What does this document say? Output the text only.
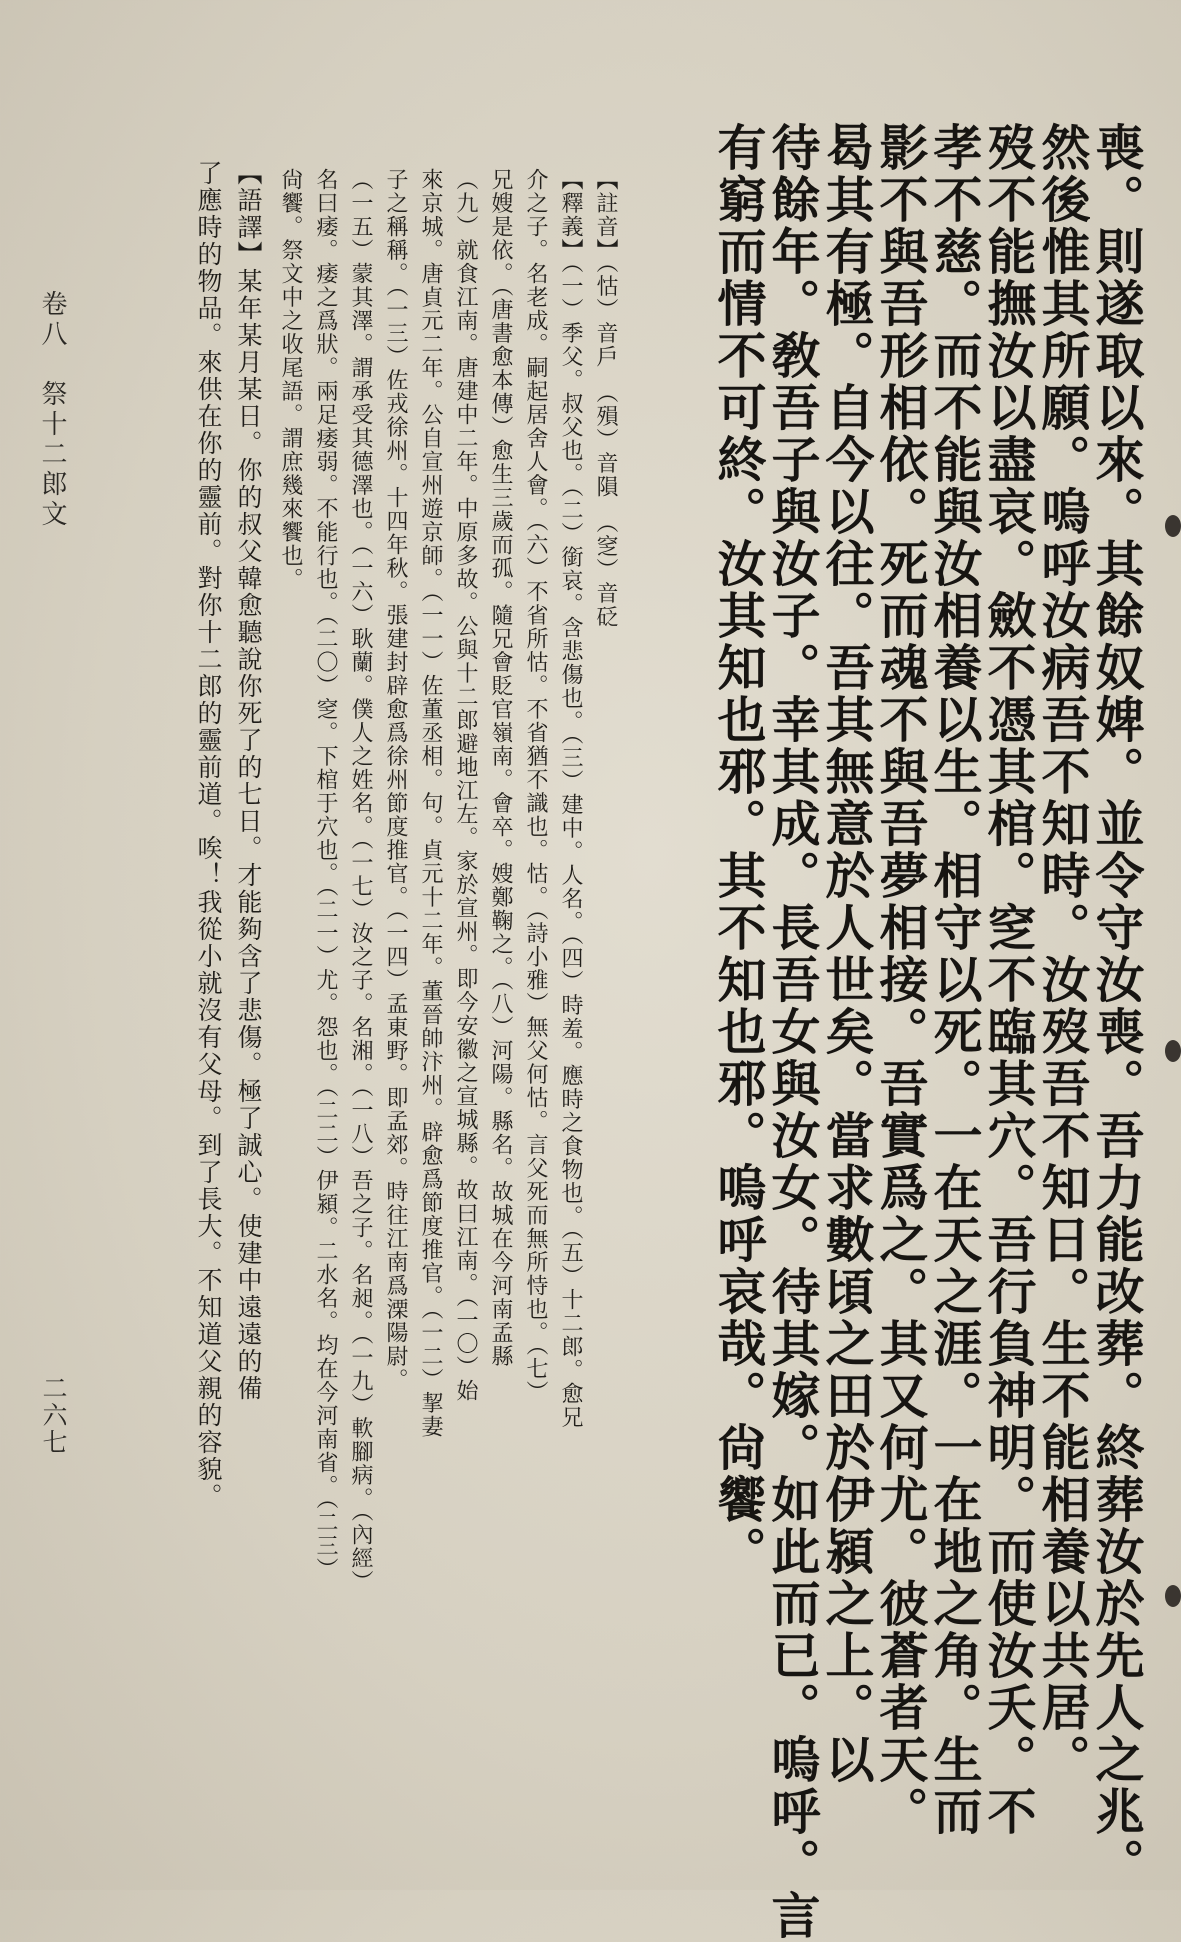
喪。則遂取以來。其餘奴婢。並令守汝喪。吾力能改葬。終葬汝於先人之兆。
然後惟其所願。嗚呼汝病吾不知時。汝歿吾不知日。生不能相養以共居。
歿不能撫汝以盡哀。斂不憑其棺。窆不臨其穴。吾行負神明。而使汝夭。不
孝不慈。而不能與汝相養以生。相守以死。一在天之涯。一在地之角。生而
影不與吾形相依。死而魂不與吾夢相接。吾實爲之。其又何尤。彼蒼者天。
曷其有極。自今以往。吾其無意於人世矣。當求數頃之田於伊潁之上。以
待餘年。敎吾子與汝子。幸其成。長吾女與汝女。待其嫁。如此而已。嗚呼。言
有窮而情不可終。汝其知也邪。其不知也邪。嗚呼哀哉。尙饗。
【註音】（怙）音戶　（殞）音隕　（窆）音砭
【釋義】（一）季父。叔父也。（二）銜哀。含悲傷也。（三）建中。人名。（四）時羞。應時之食物也。（五）十二郎。愈兄
介之子。名老成。嗣起居舍人會。（六）不省所怙。不省猶不識也。怙。（詩小雅）無父何怙。言父死而無所恃也。（七）
兄嫂是依。（唐書愈本傳）愈生三歲而孤。隨兄會貶官嶺南。會卒。嫂鄭鞠之。（八）河陽。縣名。故城在今河南孟縣
（九）就食江南。唐建中二年。中原多故。公與十二郎避地江左。家於宣州。即今安徽之宣城縣。故曰江南。（一〇）始
來京城。唐貞元二年。公自宣州遊京師。（一一）佐董丞相。句。貞元十二年。董晉帥汴州。辟愈爲節度推官。（一二）挈妻
子之稱稱。（一三）佐戎徐州。十四年秋。張建封辟愈爲徐州節度推官。（一四）孟東野。即孟郊。時往江南爲溧陽尉。
（一五）蒙其澤。謂承受其德澤也。（一六）耿蘭。僕人之姓名。（一七）汝之子。名湘。（一八）吾之子。名昶。（一九）軟腳病。（內經）
名曰痿。痿之爲狀。兩足痿弱。不能行也。（二〇）窆。下棺于穴也。（二一）尤。怨也。（二二）伊潁。二水名。均在今河南省。（二三）
尙饗。祭文中之收尾語。謂庶幾來饗也。
【語譯】某年某月某日。你的叔父韓愈聽說你死了的七日。才能夠含了悲傷。極了誠心。使建中遠遠的備
了應時的物品。來供在你的靈前。對你十二郎的靈前道。唉！我從小就沒有父母。到了長大。不知道父親的容貌。
卷八　祭十二郎文
二六七
